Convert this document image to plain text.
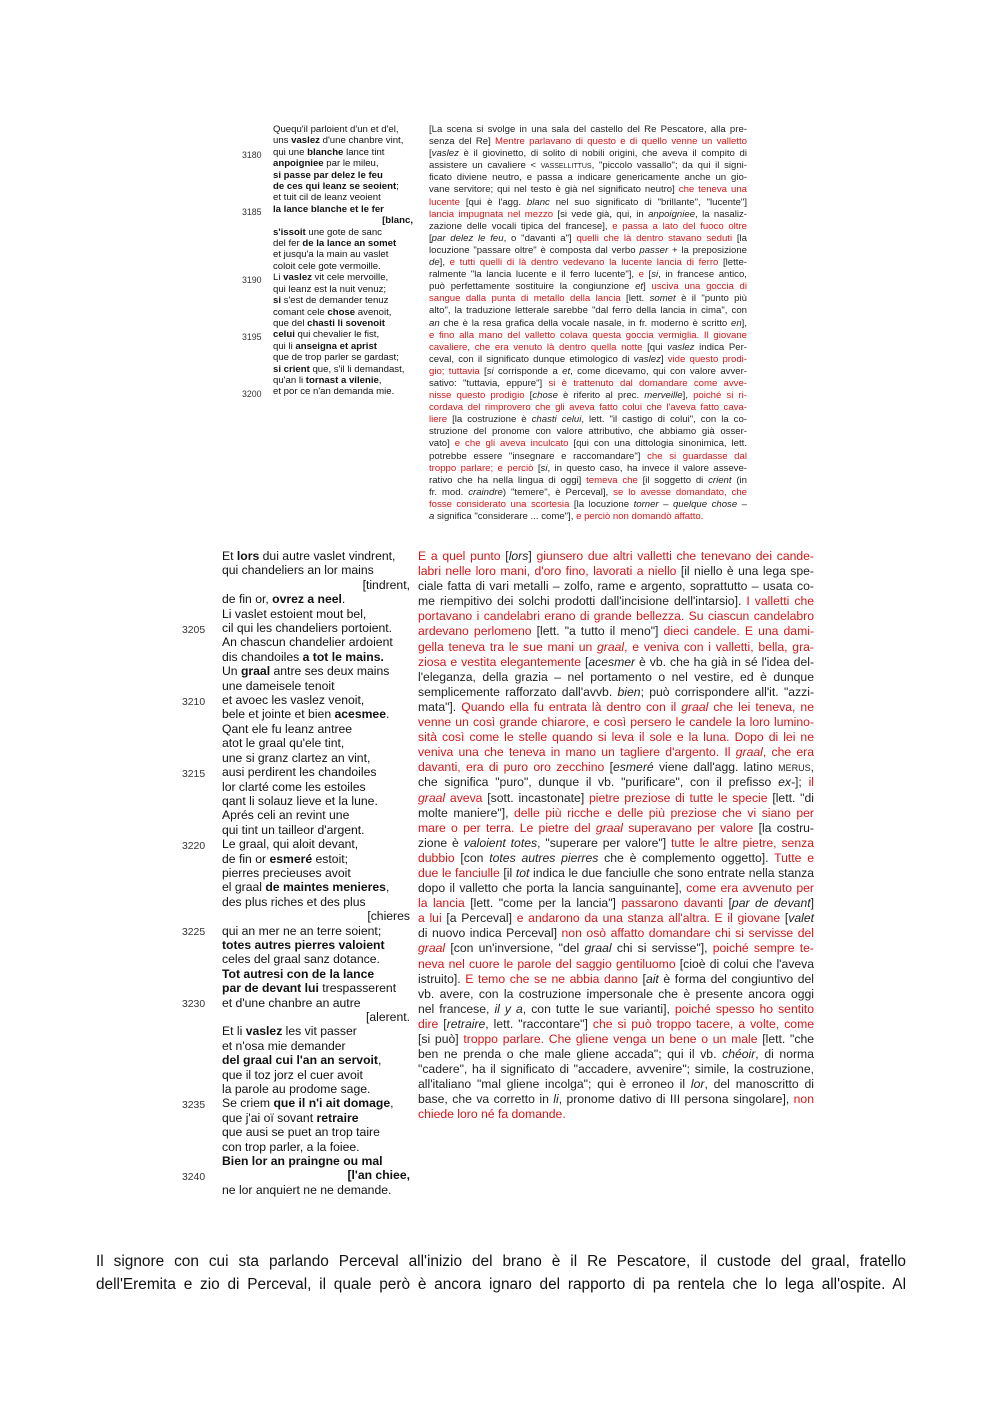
3180
3185
3190
3195
3200
Quequ'il parloient d'un et d'el,
uns vaslez d'une chanbre vint,
qui une blanche lance tint
anpoigniee par le mileu,
si passe par delez le feu
de ces qui leanz se seoient;
et tuit cil de leanz veoient
la lance blanche et le fer
[blanc,
s'issoit une gote de sanc
del fer de la lance an somet
et jusqu'a la main au vaslet
coloit cele gote vermoille.
Li vaslez vit cele mervoille,
qui leanz est la nuit venuz;
si s'est de demander tenuz
comant cele chose avenoit,
que del chasti li sovenoit
celui qui chevalier le fist,
qui li anseigna et aprist
que de trop parler se gardast;
si crient que, s'il li demandast,
qu'an li tornast a vilenie,
et por ce n'an demanda mie.
[La scena si svolge in una sala del castello del Re Pescatore, alla pre-
senza del Re] Mentre parlavano di questo e di quello venne un valletto
[vaslez è il giovinetto, di solito di nobili origini, che aveva il compito di
assistere un cavaliere < vassellittus, "piccolo vassallo"; da qui il signi-
ficato diviene neutro, e passa a indicare genericamente anche un gio-
vane servitore; qui nel testo è già nel significato neutro] che teneva una
lucente [qui è l'agg. blanc nel suo significato di "brillante", "lucente"]
lancia impugnata nel mezzo [si vede già, qui, in anpoigniee, la nasaliz-
zazione delle vocali tipica del francese], e passa a lato del fuoco oltre
[par delez le feu, o "davanti a"] quelli che là dentro stavano seduti [la
locuzione "passare oltre" è composta dal verbo passer + la preposizione
de], e tutti quelli di là dentro vedevano la lucente lancia di ferro [lette-
ralmente "la lancia lucente e il ferro lucente"], e [si, in francese antico,
può perfettamente sostituire la congiunzione et] usciva una goccia di
sangue dalla punta di metallo della lancia [lett. somet è il "punto più
alto", la traduzione letterale sarebbe "dal ferro della lancia in cima", con
an che è la resa grafica della vocale nasale, in fr. moderno è scritto en],
e fino alla mano del valletto colava questa goccia vermiglia. Il giovane
cavaliere, che era venuto là dentro quella notte [qui vaslez indica Per-
ceval, con il significato dunque etimologico di vaslez] vide questo prodi-
gio; tuttavia [si corrisponde a et, come dicevamo, qui con valore avver-
sativo: "tuttavia, eppure"] si è trattenuto dal domandare come avve-
nisse questo prodigio [chose è riferito al prec. merveille], poiché si ri-
cordava del rimprovero che gli aveva fatto colui che l'aveva fatto cava-
liere [la costruzione è chasti celui, lett. "il castigo di colui", con la co-
struzione del pronome con valore attributivo, che abbiamo già osser-
vato] e che gli aveva inculcato [qui con una dittologia sinonimica, lett.
potrebbe essere "insegnare e raccomandare"] che si guardasse dal
troppo parlare; e perciò [si, in questo caso, ha invece il valore asseve-
rativo che ha nella lingua di oggi] temeva che [il soggetto di crient (in
fr. mod. craindre) "temere", è Perceval], se lo avesse domandato, che
fosse considerato una scortesia [la locuzione torner – quelque chose –
a significa "considerare ... come"], e perciò non domandò affatto.
3205
3210
3215
3220
3225
3230
3235
3240
Et lors dui autre vaslet vindrent,
qui chandeliers an lor mains
[tindrent,
de fin or, ovrez a neel.
Li vaslet estoient mout bel,
cil qui les chandeliers portoient.
An chascun chandelier ardoient
dis chandoiles a tot le mains.
Un graal antre ses deux mains
une dameisele tenoit
et avoec les vaslez venoit,
bele et jointe et bien acesmee.
Qant ele fu leanz antree
atot le graal qu'ele tint,
une si granz clartez an vint,
ausi perdirent les chandoiles
lor clarté come les estoiles
qant li solauz lieve et la lune.
Aprés celi an revint une
qui tint un tailleor d'argent.
Le graal, qui aloit devant,
de fin or esmeré estoit;
pierres precieuses avoit
el graal de maintes menieres,
des plus riches et des plus
[chieres
qui an mer ne an terre soient;
totes autres pierres valoient
celes del graal sanz dotance.
Tot autresi con de la lance
par de devant lui trespasserent
et d'une chanbre an autre
[alerent.
Et li vaslez les vit passer
et n'osa mie demander
del graal cui l'an an servoit,
que il toz jorz el cuer avoit
la parole au prodome sage.
Se criem que il n'i ait domage,
que j'ai oï sovant retraire
que ausi se puet an trop taire
con trop parler, a la foiee.
Bien lor an praingne ou mal
[l'an chiee,
ne lor anquiert ne ne demande.
E a quel punto [lors] giunsero due altri valletti che tenevano dei cande-
labri nelle loro mani, d'oro fino, lavorati a niello [il niello è una lega spe-
ciale fatta di vari metalli – zolfo, rame e argento, soprattutto – usata co-
me riempitivo dei solchi prodotti dall'incisione dell'intarsio]. I valletti che
portavano i candelabri erano di grande bellezza. Su ciascun candelabro
ardevano perlomeno [lett. "a tutto il meno"] dieci candele. E una dami-
gella teneva tra le sue mani un graal, e veniva con i valletti, bella, gra-
ziosa e vestita elegantemente [acesmer è vb. che ha già in sé l'idea del-
l'eleganza, della grazia – nel portamento o nel vestire, ed è dunque
semplicemente rafforzato dall'avvb. bien; può corrispondere all'it. "azzi-
mata"]. Quando ella fu entrata là dentro con il graal che lei teneva, ne
venne un così grande chiarore, e così persero le candele la loro lumino-
sità così come le stelle quando si leva il sole e la luna. Dopo di lei ne
veniva una che teneva in mano un tagliere d'argento. Il graal, che era
davanti, era di puro oro zecchino [esmeré viene dall'agg. latino merus,
che significa "puro", dunque il vb. "purificare", con il prefisso ex-]; il
graal aveva [sott. incastonate] pietre preziose di tutte le specie [lett. "di
molte maniere"], delle più ricche e delle più preziose che vi siano per
mare o per terra. Le pietre del graal superavano per valore [la costru-
zione è valoient totes, "superare per valore"] tutte le altre pietre, senza
dubbio [con totes autres pierres che è complemento oggetto]. Tutte e
due le fanciulle [il tot indica le due fanciulle che sono entrate nella stanza
dopo il valletto che porta la lancia sanguinante], come era avvenuto per
la lancia [lett. "come per la lancia"] passarono davanti [par de devant]
a lui [a Perceval] e andarono da una stanza all'altra. E il giovane [valet
di nuovo indica Perceval] non osò affatto domandare chi si servisse del
graal [con un'inversione, "del graal chi si servisse"], poiché sempre te-
neva nel cuore le parole del saggio gentiluomo [cioè di colui che l'aveva
istruito]. E temo che se ne abbia danno [ait è forma del congiuntivo del
vb. avere, con la costruzione impersonale che è presente ancora oggi
nel francese, il y a, con tutte le sue varianti], poiché spesso ho sentito
dire [retraire, lett. "raccontare"] che si può troppo tacere, a volte, come
[si può] troppo parlare. Che gliene venga un bene o un male [lett. "che
ben ne prenda o che male gliene accada"; qui il vb. chéoir, di norma
"cadere", ha il significato di "accadere, avvenire"; simile, la costruzione,
all'italiano "mal gliene incolga"; qui è erroneo il lor, del manoscritto di
base, che va corretto in li, pronome dativo di III persona singolare], non
chiede loro né fa domande.
Il signore con cui sta parlando Perceval all'inizio del brano è il Re Pescatore, il custode del graal, fratello
dell'Eremita e zio di Perceval, il quale però è ancora ignaro del rapporto di pa rentela che lo lega all'ospite. Al
